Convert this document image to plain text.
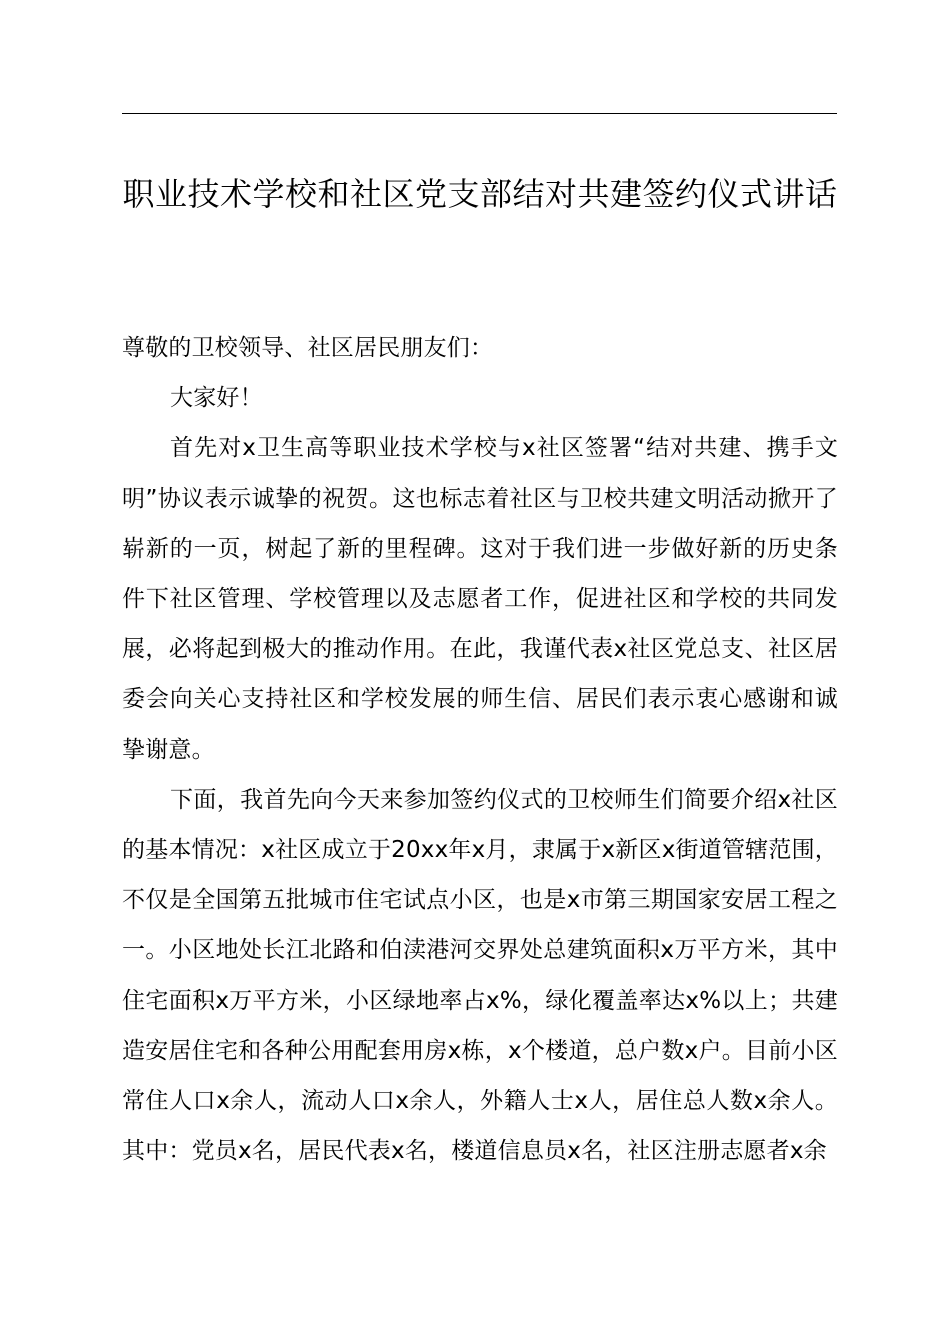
职业技术学校和社区党支部结对共建签约仪式讲话

尊敬的卫校领导、社区居民朋友们：

大家好！

首先对x卫生高等职业技术学校与x社区签署“结对共建、携手文明”协议表示诚挚的祝贺。这也标志着社区与卫校共建文明活动掀开了崭新的一页，树起了新的里程碑。这对于我们进一步做好新的历史条件下社区管理、学校管理以及志愿者工作，促进社区和学校的共同发展，必将起到极大的推动作用。在此，我谨代表x社区党总支、社区居委会向关心支持社区和学校发展的师生信、居民们表示衷心感谢和诚挚谢意。

下面，我首先向今天来参加签约仪式的卫校师生们简要介绍x社区的基本情况：x社区成立于20xx年x月，隶属于x新区x街道管辖范围，不仅是全国第五批城市住宅试点小区，也是x市第三期国家安居工程之一。小区地处长江北路和伯渎港河交界处总建筑面积x万平方米，其中住宅面积x万平方米，小区绿地率占x%，绿化覆盖率达x%以上；共建造安居住宅和各种公用配套用房x栋，x个楼道，总户数x户。目前小区常住人口x余人，流动人口x余人，外籍人士x人，居住总人数x余人。其中：党员x名，居民代表x名，楼道信息员x名，社区注册志愿者x余
